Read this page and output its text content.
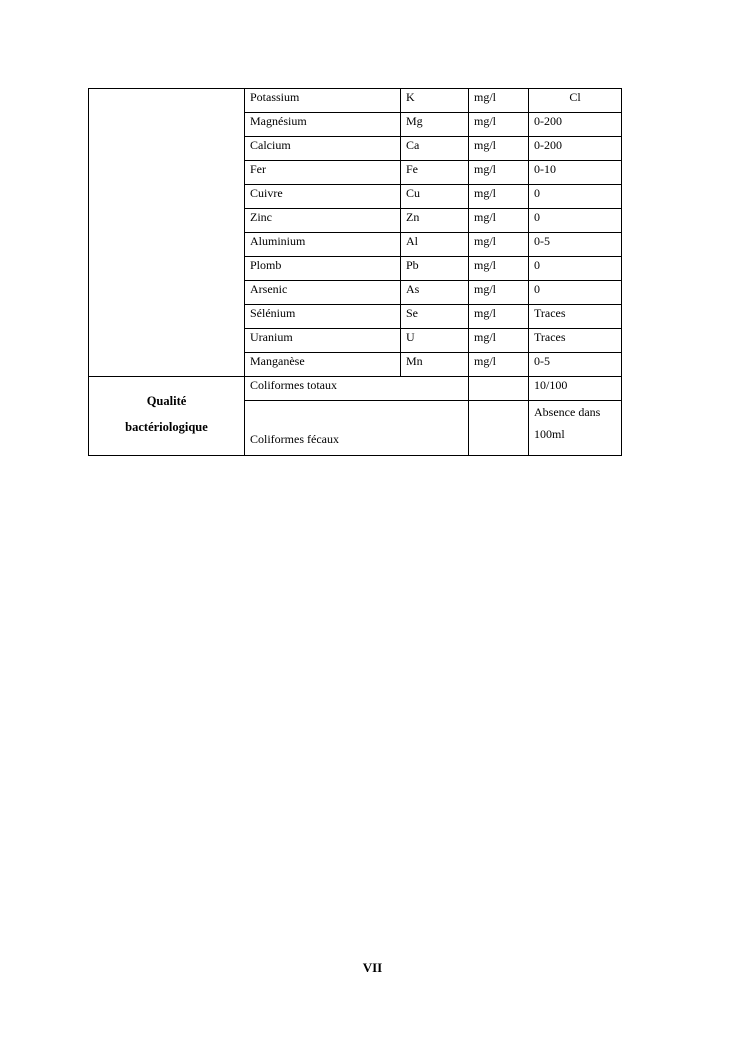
	Potassium	K	mg/l	Cl
	Magnésium	Mg	mg/l	0-200
	Calcium	Ca	mg/l	0-200
	Fer	Fe	mg/l	0-10
	Cuivre	Cu	mg/l	0
	Zinc	Zn	mg/l	0
	Aluminium	Al	mg/l	0-5
	Plomb	Pb	mg/l	0
	Arsenic	As	mg/l	0
	Sélénium	Se	mg/l	Traces
	Uranium	U	mg/l	Traces
	Manganèse	Mn	mg/l	0-5
Qualité
bactériologique	Coliformes totaux			10/100
	Coliformes fécaux			Absence dans 100ml
VII
